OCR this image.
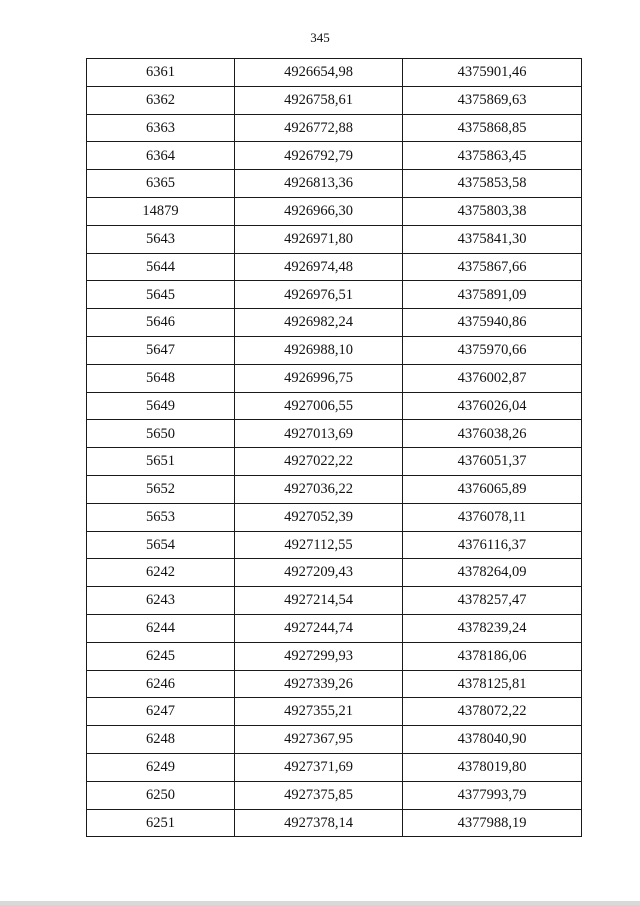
345
6361	4926654,98	4375901,46
6362	4926758,61	4375869,63
6363	4926772,88	4375868,85
6364	4926792,79	4375863,45
6365	4926813,36	4375853,58
14879	4926966,30	4375803,38
5643	4926971,80	4375841,30
5644	4926974,48	4375867,66
5645	4926976,51	4375891,09
5646	4926982,24	4375940,86
5647	4926988,10	4375970,66
5648	4926996,75	4376002,87
5649	4927006,55	4376026,04
5650	4927013,69	4376038,26
5651	4927022,22	4376051,37
5652	4927036,22	4376065,89
5653	4927052,39	4376078,11
5654	4927112,55	4376116,37
6242	4927209,43	4378264,09
6243	4927214,54	4378257,47
6244	4927244,74	4378239,24
6245	4927299,93	4378186,06
6246	4927339,26	4378125,81
6247	4927355,21	4378072,22
6248	4927367,95	4378040,90
6249	4927371,69	4378019,80
6250	4927375,85	4377993,79
6251	4927378,14	4377988,19
